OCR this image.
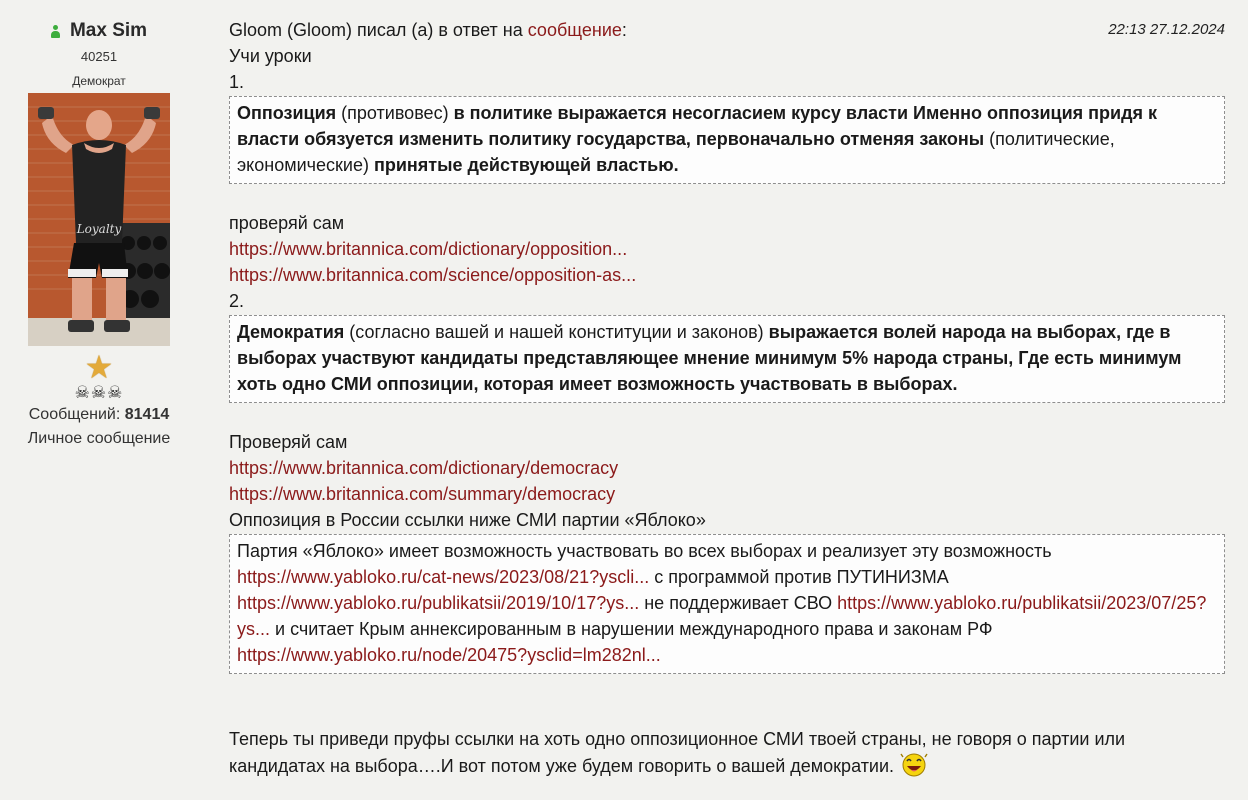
Max Sim
40251
Демократ
Loyalty
★
☠☠☠
Сообщений: 81414
Личное сообщение
Gloom (Gloom) писал (а) в ответ на сообщение:	22:13 27.12.2024
Учи уроки
1.
Оппозиция (противовес) в политике выражается несогласием курсу власти Именно оппозиция придя к власти обязуется изменить политику государства, первоначально отменяя законы (политические, экономические) принятые действующей властью.
проверяй сам
https://www.britannica.com/dictionary/opposition...
https://www.britannica.com/science/opposition-as...
2.
Демократия (согласно вашей и нашей конституции и законов) выражается волей народа на выборах, где в выборах участвуют кандидаты представляющее мнение минимум 5% народа страны, Где есть минимум хоть одно СМИ оппозиции, которая имеет возможность участвовать в выборах.
Проверяй сам
https://www.britannica.com/dictionary/democracy
https://www.britannica.com/summary/democracy
Оппозиция в России ссылки ниже СМИ партии «Яблоко»
Партия «Яблоко» имеет возможность участвовать во всех выборах и реализует эту возможность https://www.yabloko.ru/cat-news/2023/08/21?yscli... с программой против ПУТИНИЗМА https://www.yabloko.ru/publikatsii/2019/10/17?ys... не поддерживает СВО https://www.yabloko.ru/publikatsii/2023/07/25?ys... и считает Крым аннексированным в нарушении международного права и законам РФ https://www.yabloko.ru/node/20475?ysclid=lm282nl...
Теперь ты приведи пруфы ссылки на хоть одно оппозиционное СМИ твоей страны, не говоря о партии или
кандидатах на выбора….И вот потом уже будем говорить о вашей демократии.
